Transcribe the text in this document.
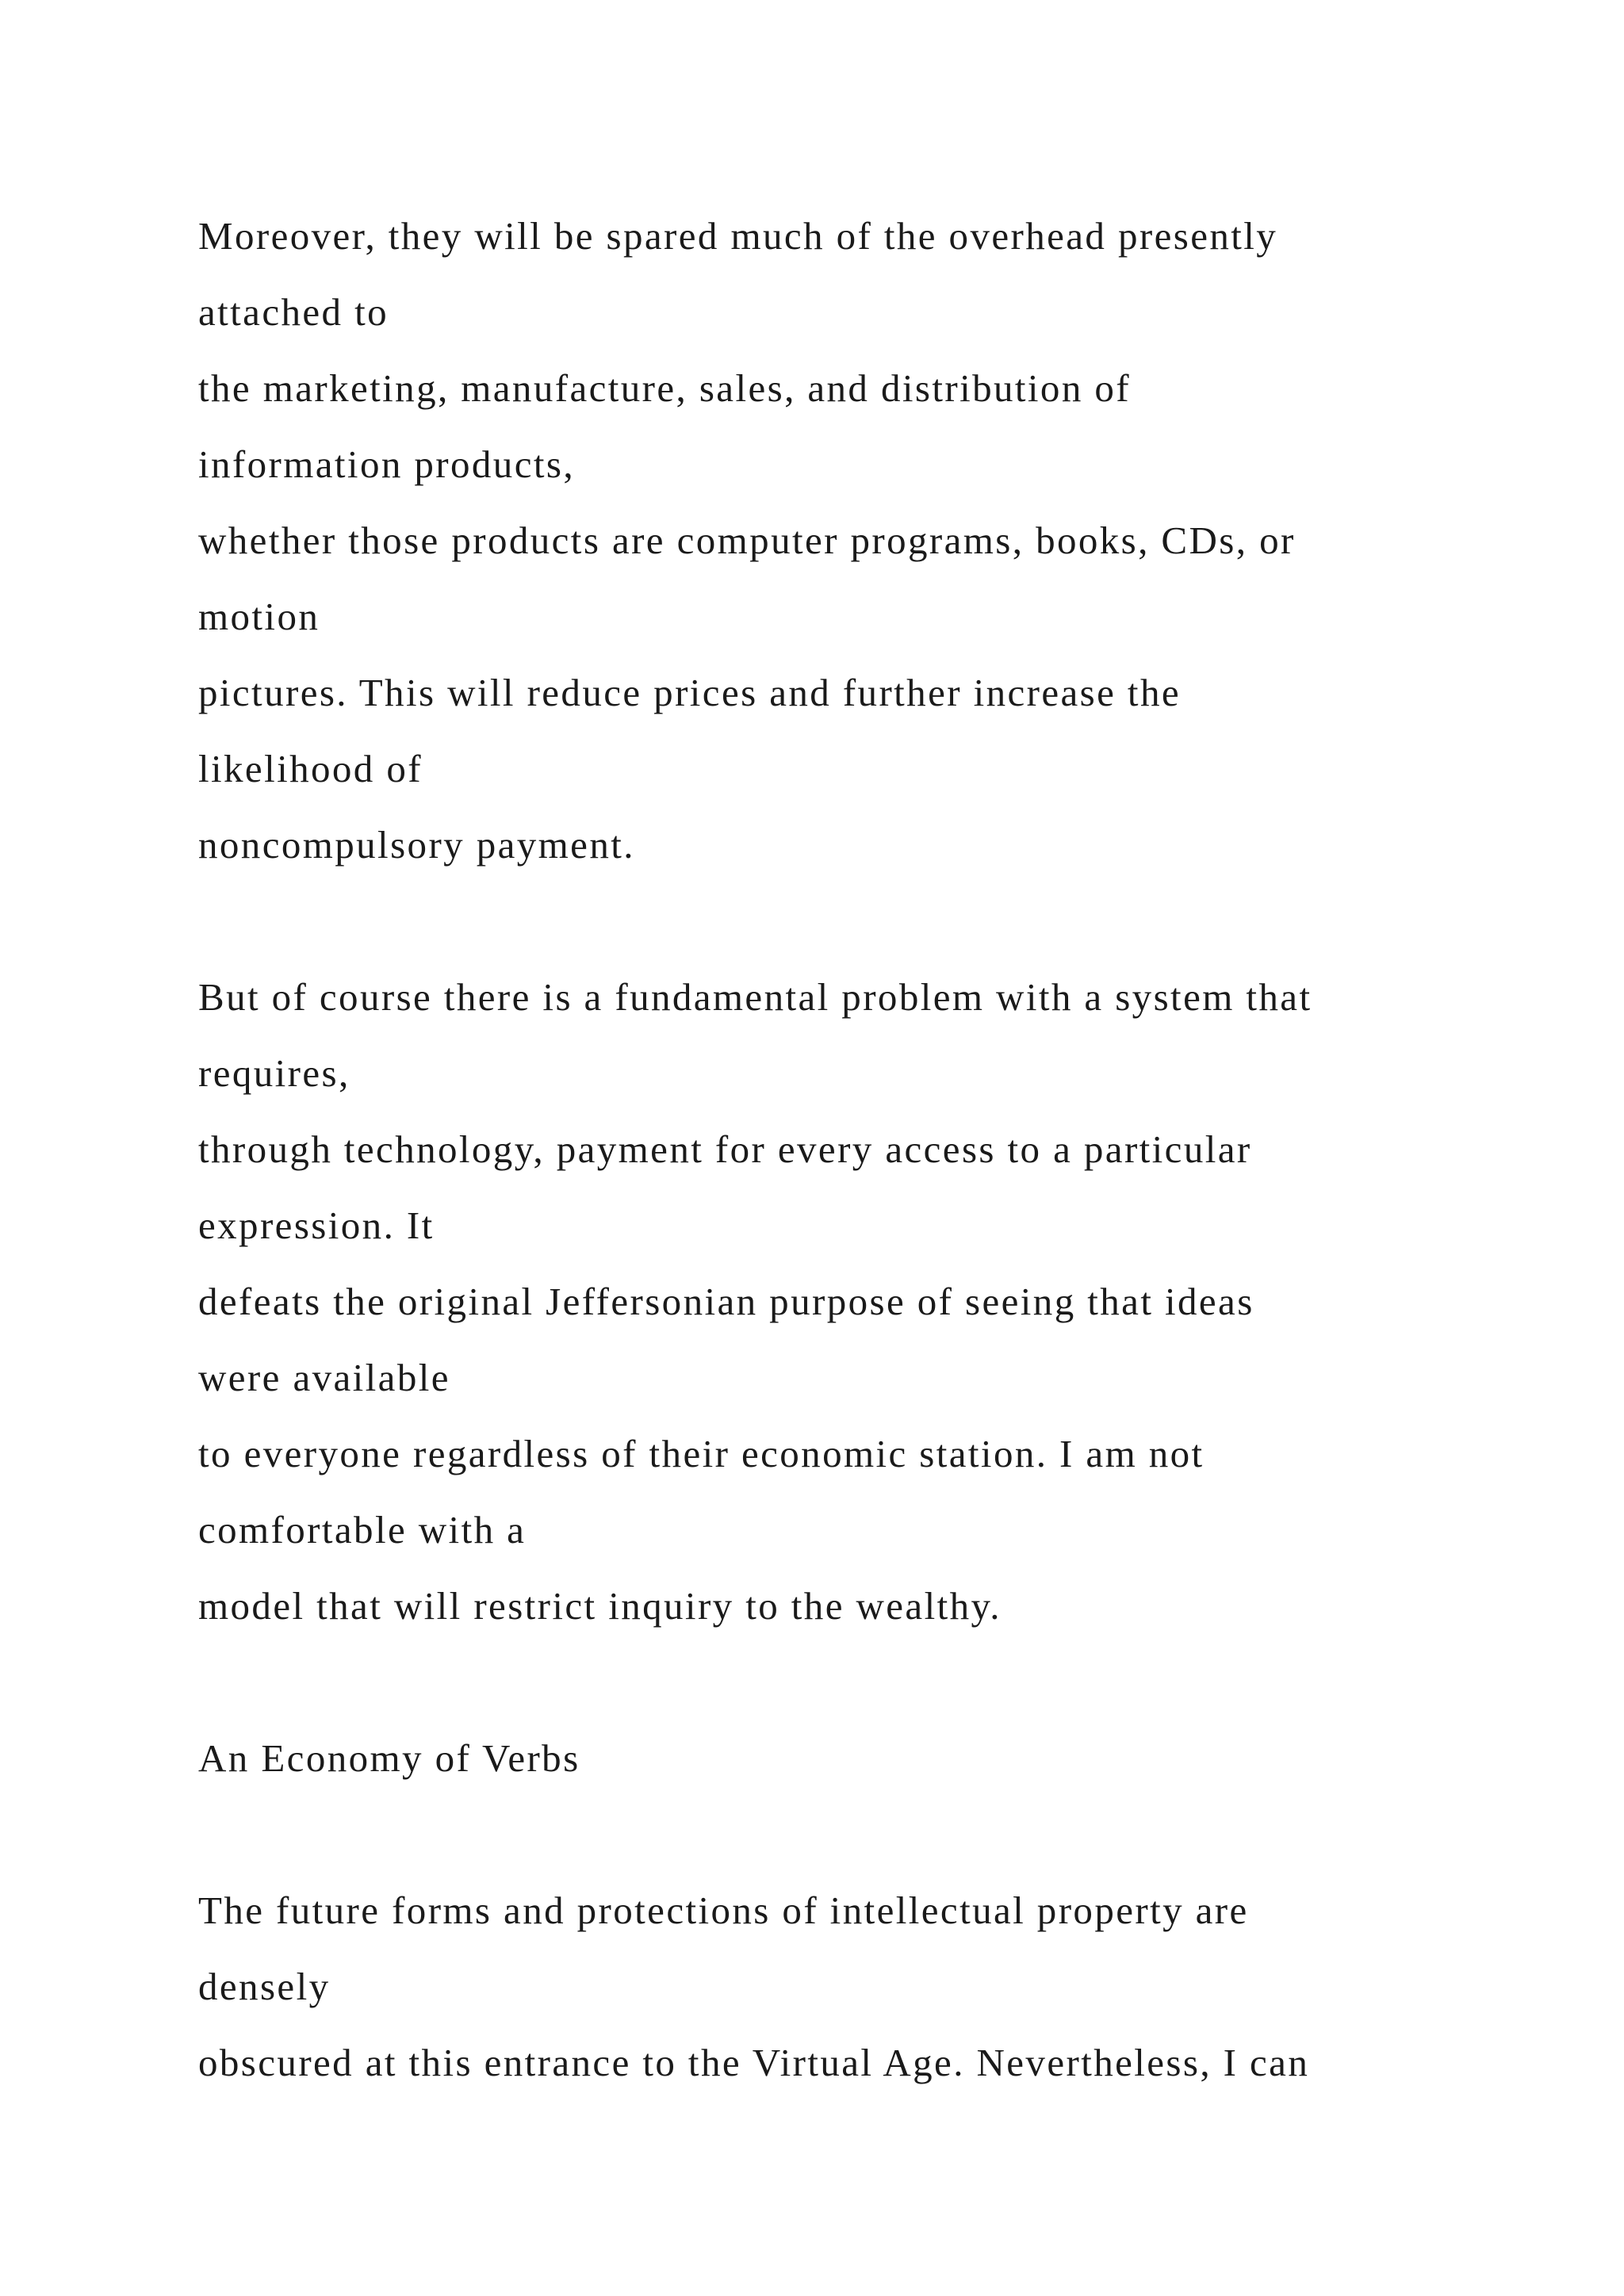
Moreover, they will be spared much of the overhead presently
attached to
the marketing, manufacture, sales, and distribution of
information products,
whether those products are computer programs, books, CDs, or
motion
pictures. This will reduce prices and further increase the
likelihood of
noncompulsory payment.
But of course there is a fundamental problem with a system that
requires,
through technology, payment for every access to a particular
expression. It
defeats the original Jeffersonian purpose of seeing that ideas
were available
to everyone regardless of their economic station. I am not
comfortable with a
model that will restrict inquiry to the wealthy.
An Economy of Verbs
The future forms and protections of intellectual property are
densely
obscured at this entrance to the Virtual Age. Nevertheless, I can
